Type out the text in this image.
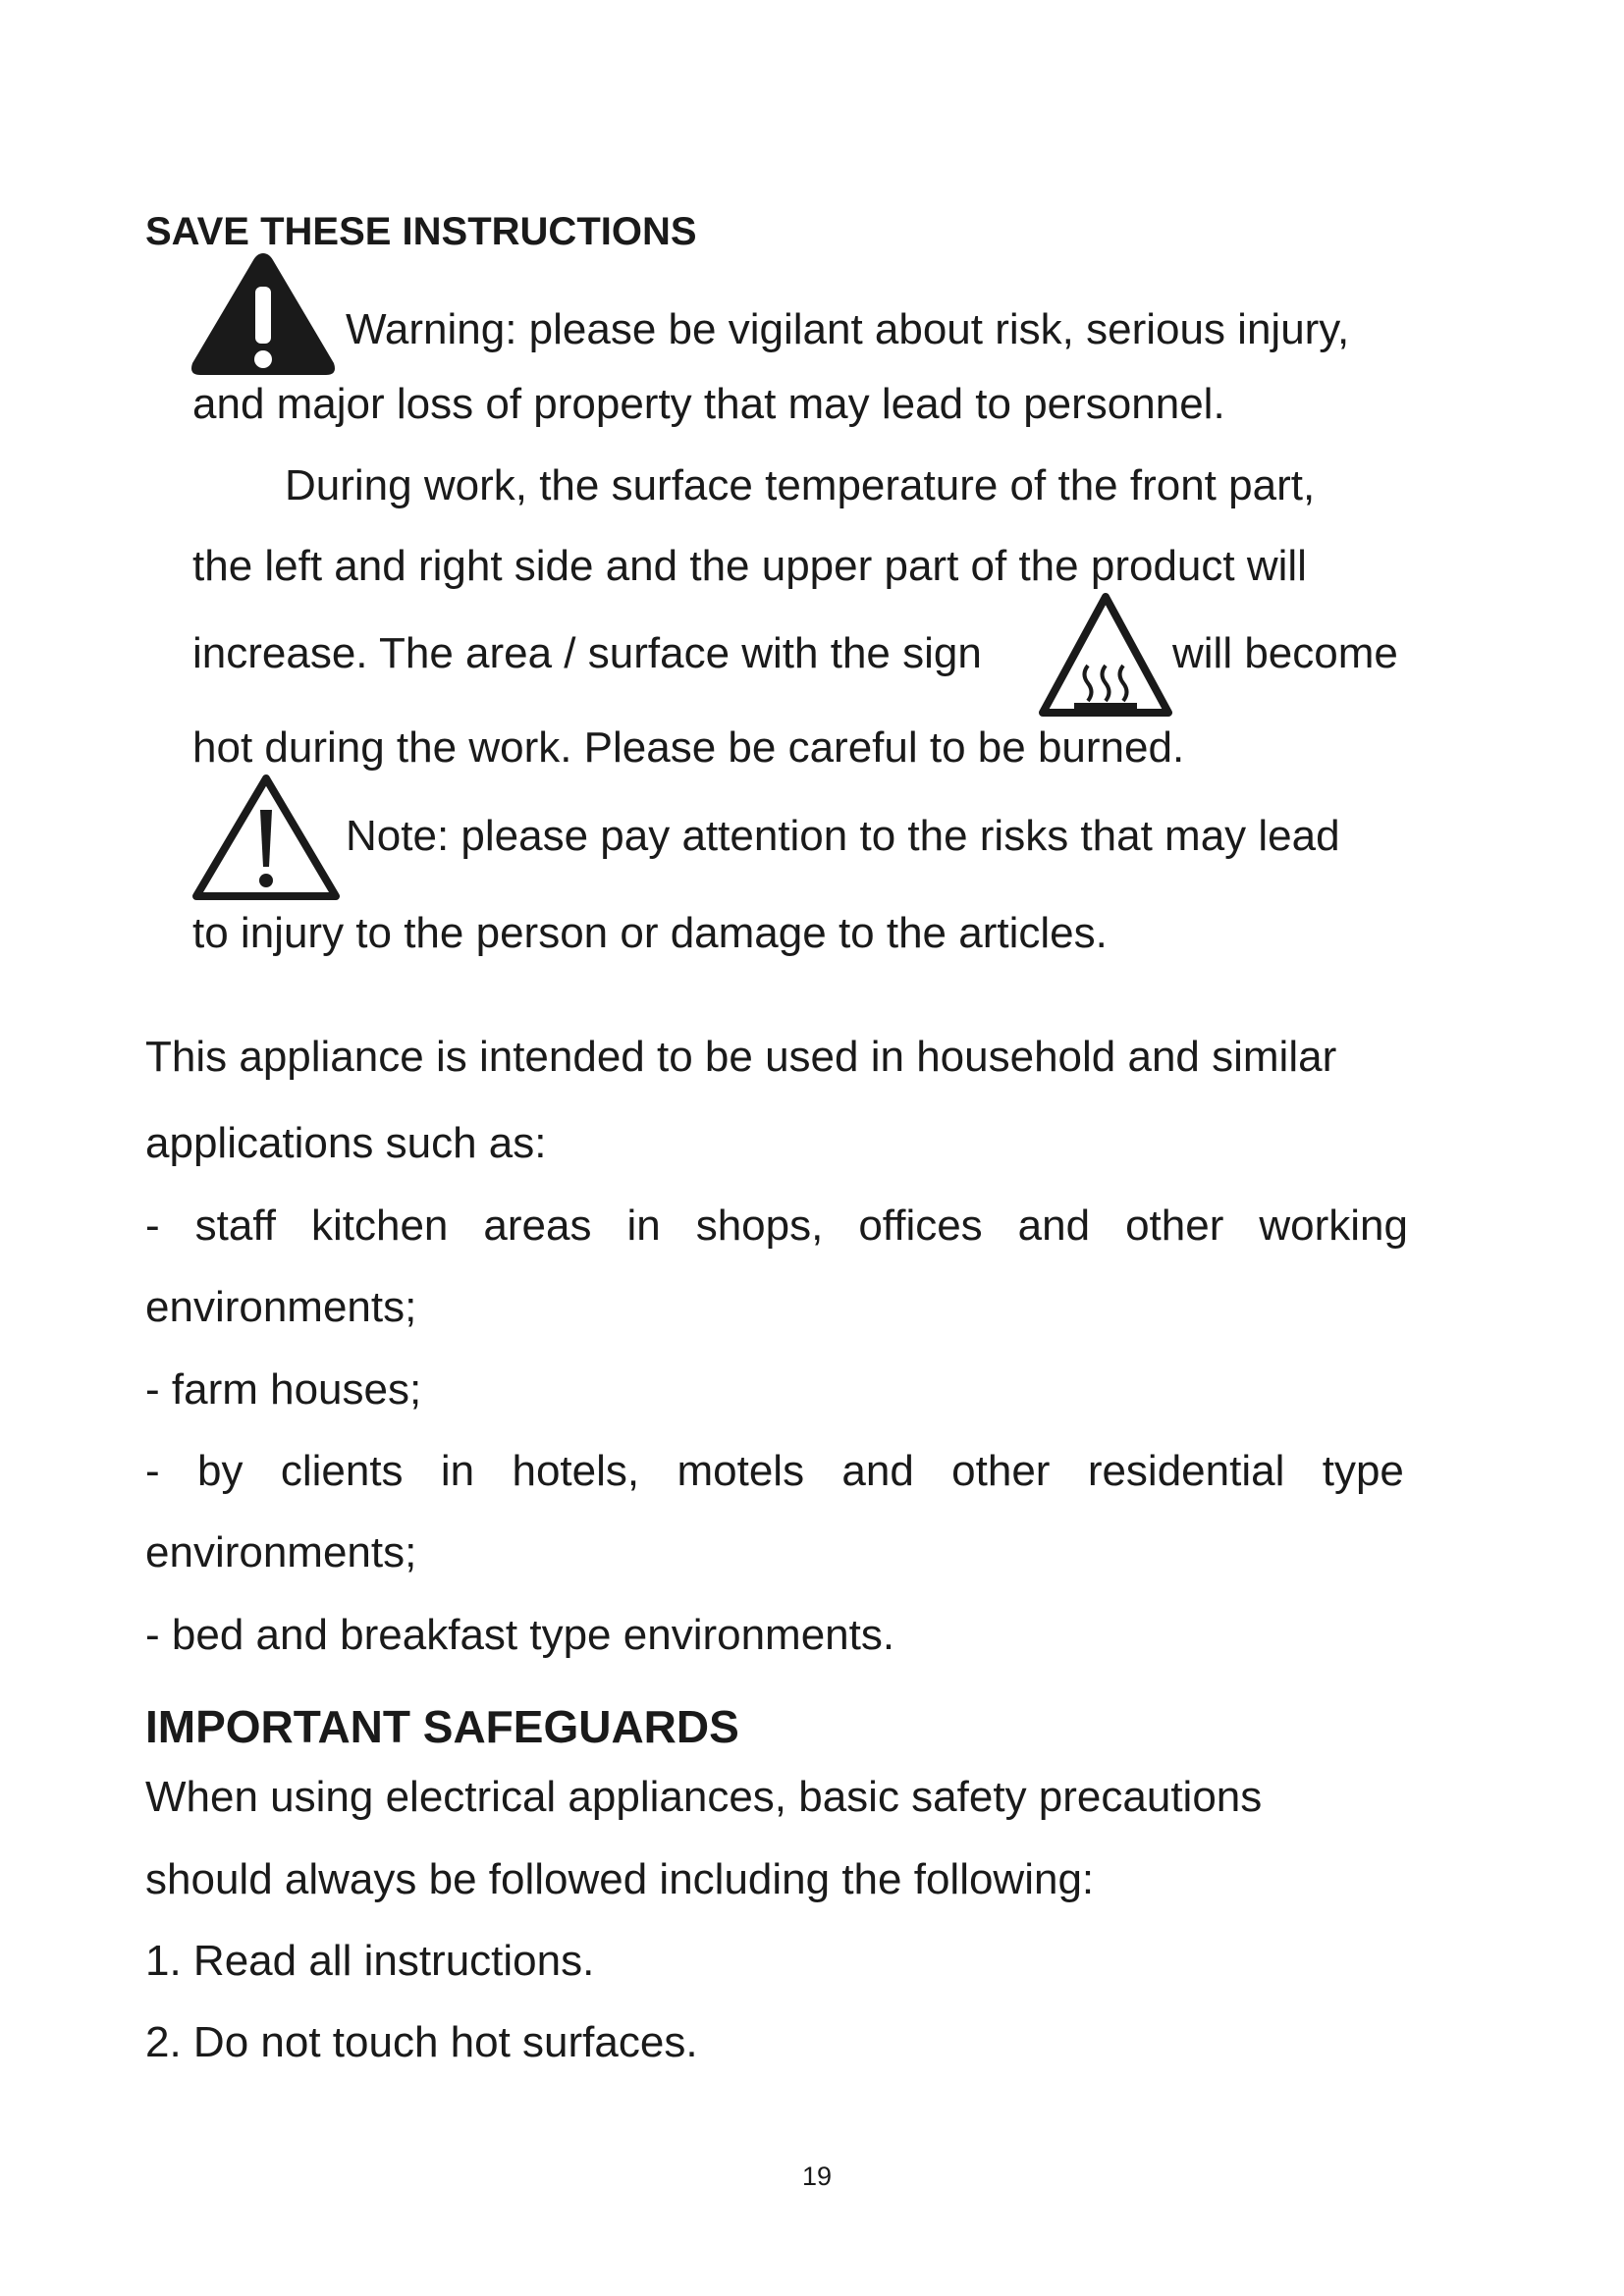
SAVE THESE INSTRUCTIONS
Warning: please be vigilant about risk, serious injury,
and major loss of property that may lead to personnel.
During work, the surface temperature of the front part,
the left and right side and the upper part of the product will
increase. The area / surface with the sign	will become
hot during the work. Please be careful to be burned.
Note: please pay attention to the risks that may lead
to injury to the person or damage to the articles.
This appliance is intended to be used in household and similar
applications such as:
- staff kitchen areas in shops, offices and other working
environments;
- farm houses;
- by clients in hotels, motels and other residential type
environments;
- bed and breakfast type environments.
IMPORTANT SAFEGUARDS
When using electrical appliances, basic safety precautions
should always be followed including the following:
1. Read all instructions.
2. Do not touch hot surfaces.
19
